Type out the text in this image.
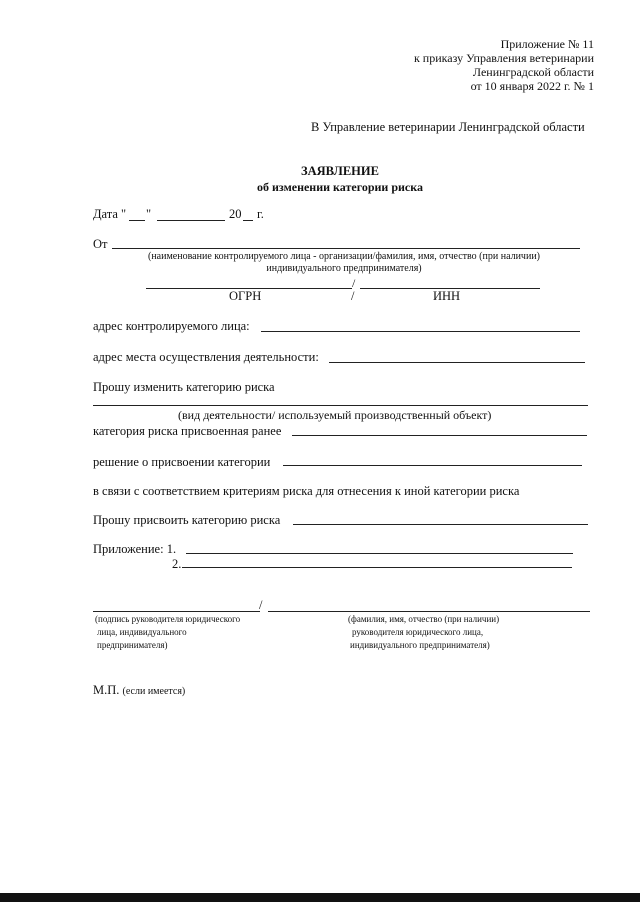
Приложение № 11
к приказу Управления ветеринарии
Ленинградской области
от 10 января 2022 г. № 1
В Управление ветеринарии Ленинградской области
ЗАЯВЛЕНИЕ
об изменении категории риска
Дата " "	20 г.
От
(наименование контролируемого лица - организации/фамилия, имя, отчество (при наличии)
индивидуального предпринимателя)
/
ОГРН	/	ИНН
адрес контролируемого лица:
адрес места осуществления деятельности:
Прошу изменить категорию риска
(вид деятельности/ используемый производственный объект)
категория риска присвоенная ранее
решение о присвоении категории
в связи с соответствием критериям риска для отнесения к иной категории риска
Прошу присвоить категорию риска
Приложение: 1.
2.
/
(подпись руководителя юридического
лица, индивидуального
предпринимателя)
(фамилия, имя, отчество (при наличии)
руководителя юридического лица,
индивидуального предпринимателя)
М.П. (если имеется)
